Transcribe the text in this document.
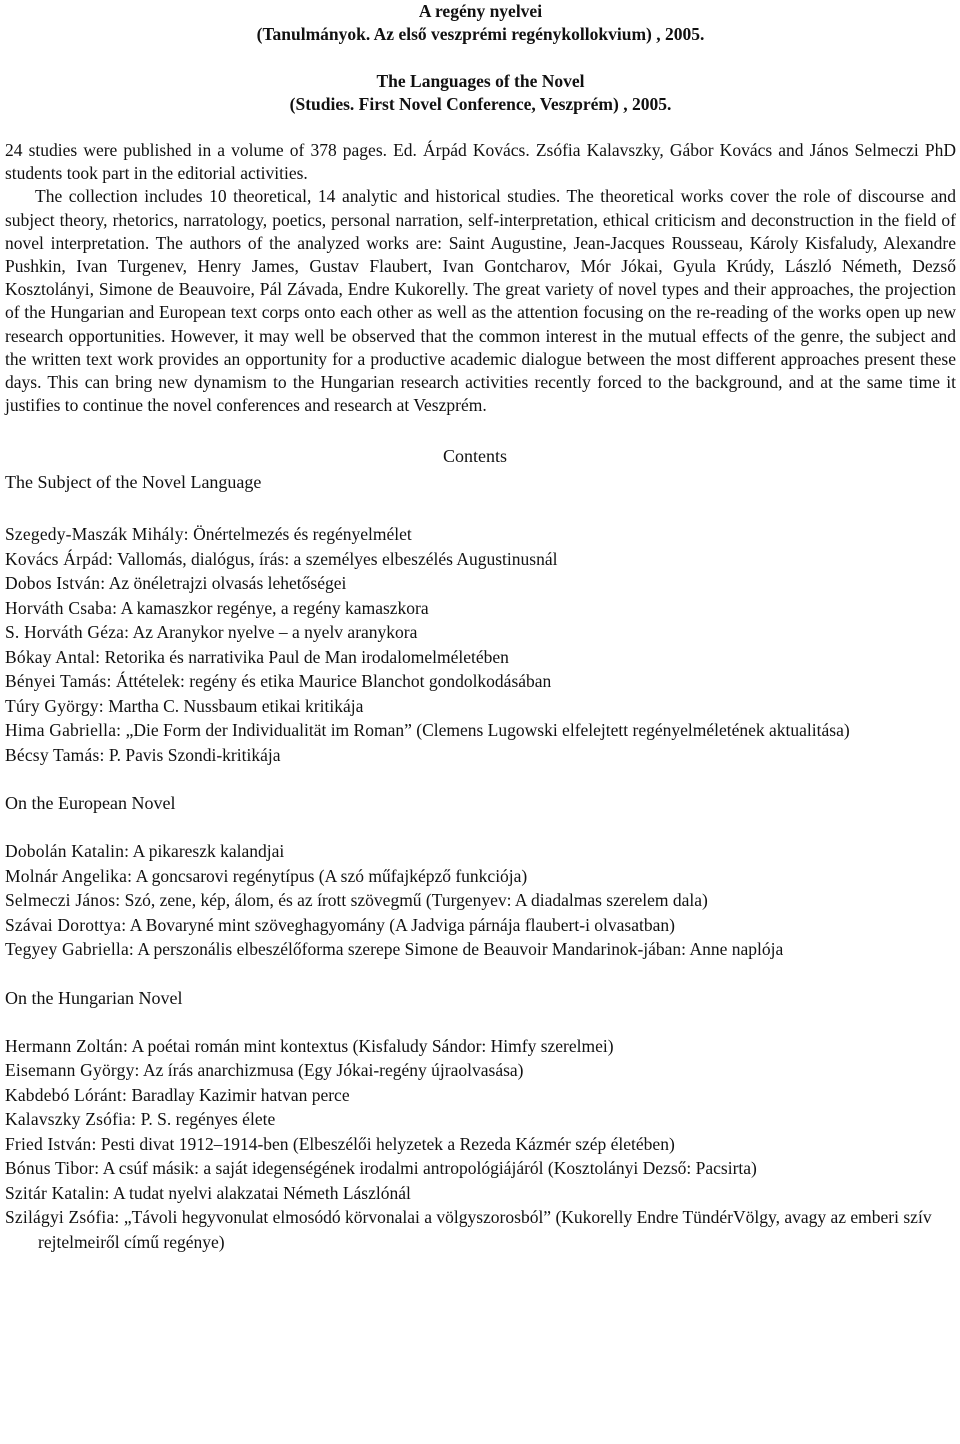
A regény nyelvei
(Tanulmányok. Az első veszprémi regénykollokvium) , 2005.
The Languages of the Novel
(Studies. First Novel Conference, Veszprém) , 2005.

24 studies were published in a volume of 378 pages. Ed. Árpád Kovács. Zsófia Kalavszky, Gábor Kovács and János Selmeczi PhD students took part in the editorial activities.

The collection includes 10 theoretical, 14 analytic and historical studies. The theoretical works cover the role of discourse and subject theory, rhetorics, narratology, poetics, personal narration, self-interpretation, ethical criticism and deconstruction in the field of novel interpretation. The authors of the analyzed works are: Saint Augustine, Jean-Jacques Rousseau, Károly Kisfaludy, Alexandre Pushkin, Ivan Turgenev, Henry James, Gustav Flaubert, Ivan Gontcharov, Mór Jókai, Gyula Krúdy, László Németh, Dezső Kosztolányi, Simone de Beauvoire, Pál Závada, Endre Kukorelly. The great variety of novel types and their approaches, the projection of the Hungarian and European text corps onto each other as well as the attention focusing on the re-reading of the works open up new research opportunities. However, it may well be observed that the common interest in the mutual effects of the genre, the subject and the written text work provides an opportunity for a productive academic dialogue between the most different approaches present these days. This can bring new dynamism to the Hungarian research activities recently forced to the background, and at the same time it justifies to continue the novel conferences and research at Veszprém.

Contents
The Subject of the Novel Language
Szegedy-Maszák Mihály: Önértelmezés és regényelmélet
Kovács Árpád: Vallomás, dialógus, írás: a személyes elbeszélés Augustinusnál
Dobos István: Az önéletrajzi olvasás lehetőségei
Horváth Csaba: A kamaszkor regénye, a regény kamaszkora
S. Horváth Géza: Az Aranykor nyelve – a nyelv aranykora
Bókay Antal: Retorika és narrativika Paul de Man irodalomelméletében
Bényei Tamás: Áttételek: regény és etika Maurice Blanchot gondolkodásában
Túry György: Martha C. Nussbaum etikai kritikája
Hima Gabriella: „Die Form der Individualität im Roman” (Clemens Lugowski elfelejtett regényelméletének aktualitása)
Bécsy Tamás: P. Pavis Szondi-kritikája
On the European Novel
Dobolán Katalin: A pikareszk kalandjai
Molnár Angelika: A goncsarovi regénytípus (A szó műfajképző funkciója)
Selmeczi János: Szó, zene, kép, álom, és az írott szövegmű (Turgenyev: A diadalmas szerelem dala)
Szávai Dorottya: A Bovaryné mint szöveghagyomány (A Jadviga párnája flaubert-i olvasatban)
Tegyey Gabriella: A perszonális elbeszélőforma szerepe Simone de Beauvoir Mandarinok-jában: Anne naplója
On the Hungarian Novel
Hermann Zoltán: A poétai román mint kontextus (Kisfaludy Sándor: Himfy szerelmei)
Eisemann György: Az írás anarchizmusa (Egy Jókai-regény újraolvasása)
Kabdebó Lóránt: Baradlay Kazimir hatvan perce
Kalavszky Zsófia: P. S. regényes élete
Fried István: Pesti divat 1912–1914-ben (Elbeszélői helyzetek a Rezeda Kázmér szép életében)
Bónus Tibor: A csúf másik: a saját idegenségének irodalmi antropológiájáról (Kosztolányi Dezső: Pacsirta)
Szitár Katalin: A tudat nyelvi alakzatai Németh Lászlónál
Szilágyi Zsófia: „Távoli hegyvonulat elmosódó körvonalai a völgyszorosból” (Kukorelly Endre TündérVölgy, avagy az emberi szív rejtelmeiről című regénye)
